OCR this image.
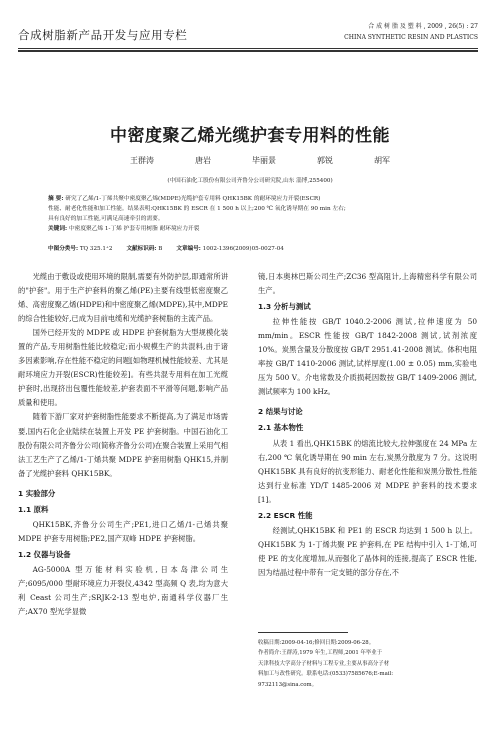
合成树脂新产品开发与应用专栏
合 成 树 脂 及 塑 料 , 2009 , 26(5) : 27
CHINA SYNTHETIC RESIN AND PLASTICS
中密度聚乙烯光缆护套专用料的性能
王群涛	唐岩	毕丽景	郭锐	胡军
(中国石油化工股份有限公司齐鲁分公司研究院,山东 淄博,255400)

摘 要: 研究了乙烯/1-丁烯共聚中密度聚乙烯(MDPE)光缆护套专用料 QHK15BK 的耐环境应力开裂(ESCR)

性能、耐老化性能和加工性能。结果表明:QHK15BK 的 ESCR 在 1 500 h 以上;200 ℃ 氧化诱导期在 90 min 左右;

具有良好的加工性能,可满足高速牵引的需要。

关键词: 中密度聚乙烯 1-丁烯 护套专用树脂 耐环境应力开裂

中图分类号: TQ 325.1⁺2	文献标识码: B	文章编号: 1002-1396(2009)05-0027-04

光缆由于敷设或使用环境的限制,需要有外防护层,即通常所讲的"护套"。用于生产护套料的聚乙烯(PE)主要有线型低密度聚乙烯、高密度聚乙烯(HDPE)和中密度聚乙烯(MDPE),其中,MDPE的综合性能较好,已成为目前电缆和光缆护套树脂的主流产品。

国外已经开发的 MDPE 或 HDPE 护套树脂为大型规模化装置的产品,专用树脂性能比较稳定;而小规模生产的共混料,由于诸多因素影响,存在性能不稳定的问题[如物理机械性能较差、尤其是耐环境应力开裂(ESCR)性能较差]。有些共混专用料在加工光缆护套时,出现挤出包覆性能较差,护套表面不平滑等问题,影响产品质量和使用。

随着下游厂家对护套树脂性能要求不断提高,为了满足市场需要,国内石化企业陆续在装置上开发 PE 护套树脂。中国石油化工股份有限公司齐鲁分公司(简称齐鲁分公司)在聚合装置上采用气相法工艺生产了乙烯/1-丁烯共聚 MDPE 护套用树脂 QHK15,并制备了光缆护套料 QHK15BK。

1 实验部分

1.1 原料

QHK15BK,齐鲁分公司生产;PE1,进口乙烯/1-己烯共聚 MDPE 护套专用树脂;PE2,国产双峰 HDPE 护套树脂。

1.2 仪器与设备

AG-5000A 型万能材料实验机,日本岛津公司生产;6095/000 型耐环境应力开裂仪,4342 型高频 Q 表,均为意大利 Ceast 公司生产;SRJK-2-13 型电炉,南通科学仪器厂生产;AX70 型光学显微

镜,日本奥林巴斯公司生产;ZC36 型高阻计,上海精密科学有限公司生产。

1.3 分析与测试

拉伸性能按 GB/T 1040.2-2006 测试,拉伸速度为 50 mm/min。ESCR 性能按 GB/T 1842-2008 测试,试剂浓度 10%。炭黑含量及分散度按 GB/T 2951.41-2008 测试。体积电阻率按 GB/T 1410-2006 测试,试样厚度(1.00 ± 0.05) mm,实验电压为 500 V。介电常数及介质损耗因数按 GB/T 1409-2006 测试,测试频率为 100 kHz。

2 结果与讨论

2.1 基本物性

从表 1 看出,QHK15BK 的熔流比较大,拉伸强度在 24 MPa 左右,200 ℃ 氧化诱导期在 90 min 左右,炭黑分散度为 7 分。这说明 QHK15BK 具有良好的抗变形能力、耐老化性能和炭黑分散性,性能达到行业标准 YD/T 1485-2006 对 MDPE 护套料的技术要求[1]。

2.2 ESCR 性能

经测试,QHK15BK 和 PE1 的 ESCR 均达到 1 500 h 以上。QHK15BK 为 1-丁烯共聚 PE 护套料,在 PE 结构中引入 1-丁烯,可使 PE 的支化度增加,从而强化了晶体间的连接,提高了 ESCR 性能,因为结晶过程中带有一定支链的部分存在,不

收稿日期:2009-04-16;修回日期:2009-06-28。

作者简介:王群涛,1979 年生,工程师,2001 年毕业于

天津科技大学高分子材料与工程专业,主要从事高分子材

料加工与改性研究。联系电话:(0533)7585676;E-mail:

9732113@sina.com。
